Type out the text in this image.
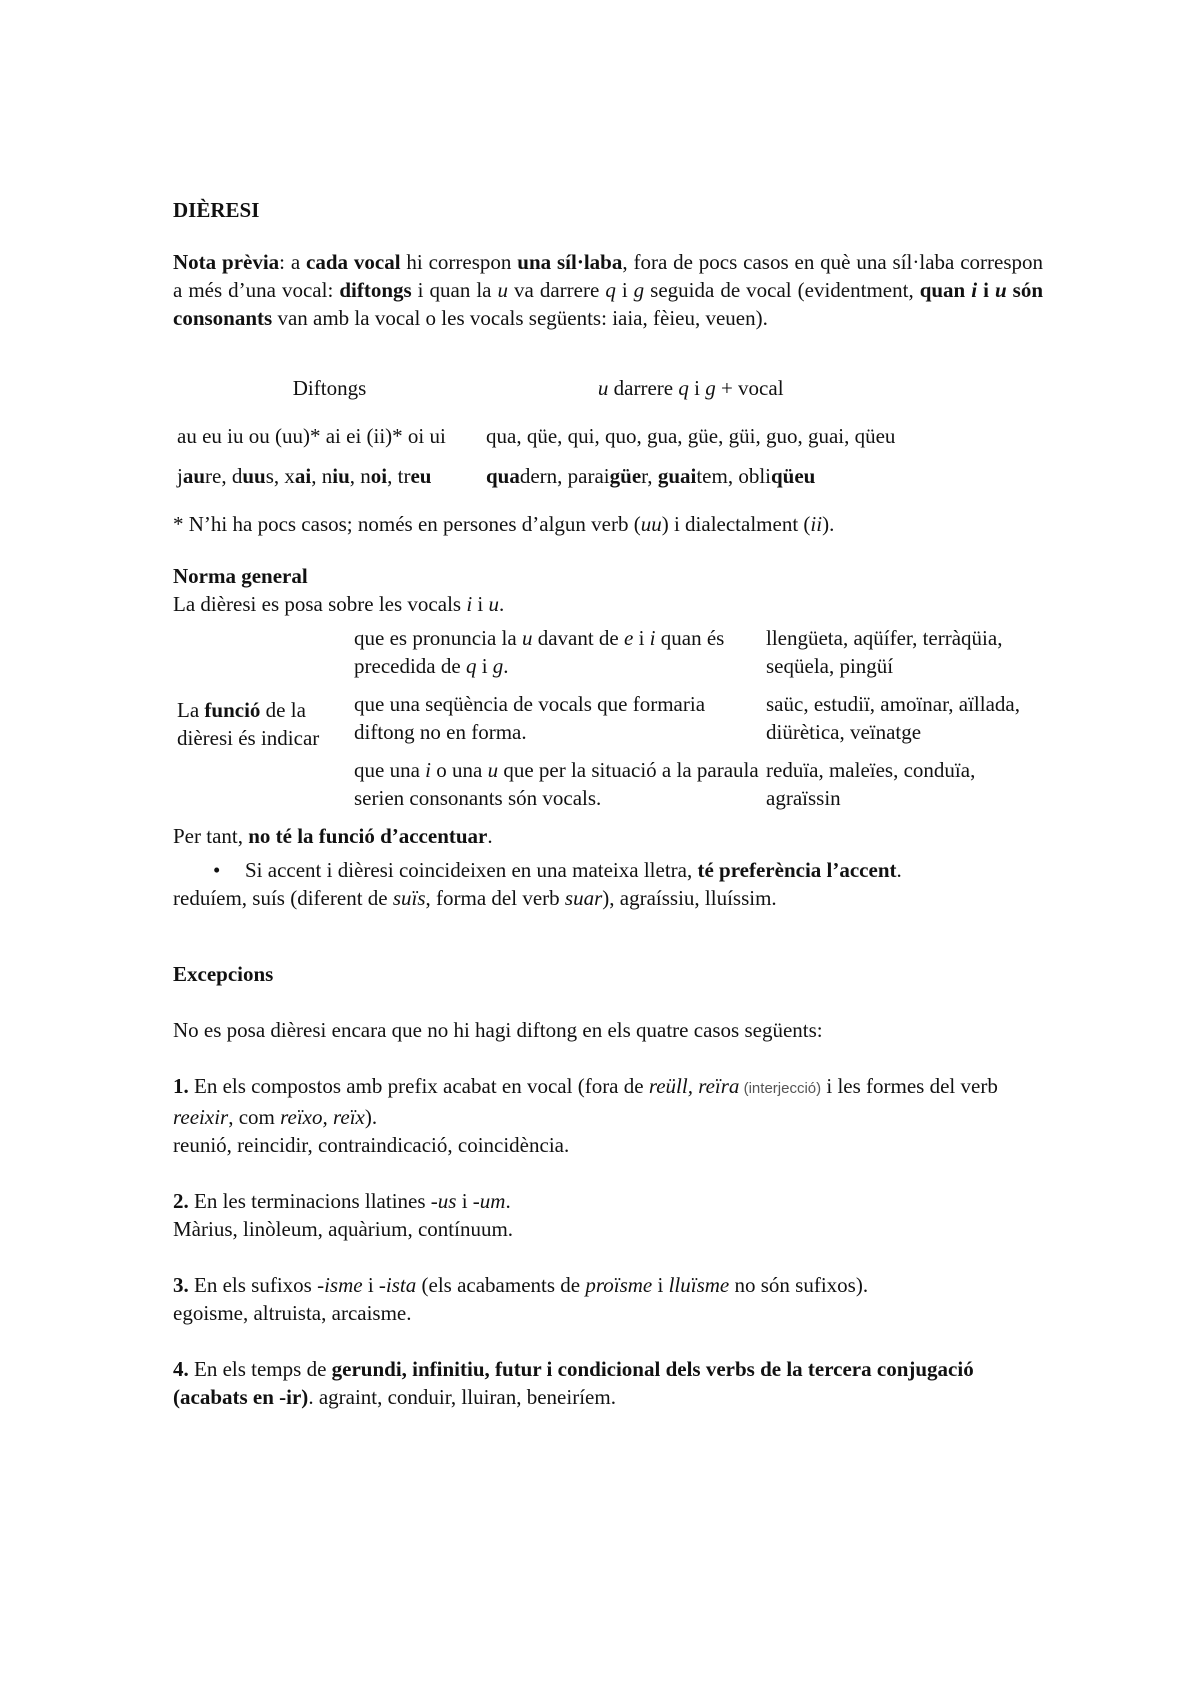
DIÈRESI

Nota prèvia: a cada vocal hi correspon una síl·laba, fora de pocs casos en què una síl·laba correspon a més d’una vocal: diftongs i quan la u va darrere q i g seguida de vocal (evidentment, quan i i u són consonants van amb la vocal o les vocals següents: iaia, fèieu, veuen).

Diftongs	u darrere q i g + vocal
au eu iu ou (uu)* ai ei (ii)* oi ui	qua, qüe, qui, quo, gua, güe, güi, guo, guai, qüeu
jaure, duus, xai, niu, noi, treu	quadern, paraigüer, guaitem, obliqüeu

* N’hi ha pocs casos; només en persones d’algun verb (uu) i dialectalment (ii).

Norma general

La dièresi es posa sobre les vocals i i u.

La funció de la dièresi és indicar	que es pronuncia la u davant de e i i quan és precedida de q i g.	llengüeta, aqüífer, terràqüia, seqüela, pingüí
	que una seqüència de vocals que formaria diftong no en forma.	saüc, estudiï, amoïnar, aïllada, diürètica, veïnatge
	que una i o una u que per la situació a la paraula serien consonants són vocals.	reduïa, maleïes, conduïa, agraïssin

Per tant, no té la funció d’accentuar.

• Si accent i dièresi coincideixen en una mateixa lletra, té preferència l’accent.

reduíem, suís (diferent de suïs, forma del verb suar), agraíssiu, lluíssim.

Excepcions

No es posa dièresi encara que no hi hagi diftong en els quatre casos següents:

1. En els compostos amb prefix acabat en vocal (fora de reüll, reïra (interjecció) i les formes del verb reeixir, com reïxo, reïx).

reunió, reincidir, contraindicació, coincidència.

2. En les terminacions llatines -us i -um.

Màrius, linòleum, aquàrium, contínuum.

3. En els sufixos -isme i -ista (els acabaments de proïsme i lluïsme no són sufixos).

egoisme, altruista, arcaisme.

4. En els temps de gerundi, infinitiu, futur i condicional dels verbs de la tercera conjugació (acabats en -ir). agraint, conduir, lluiran, beneiríem.
